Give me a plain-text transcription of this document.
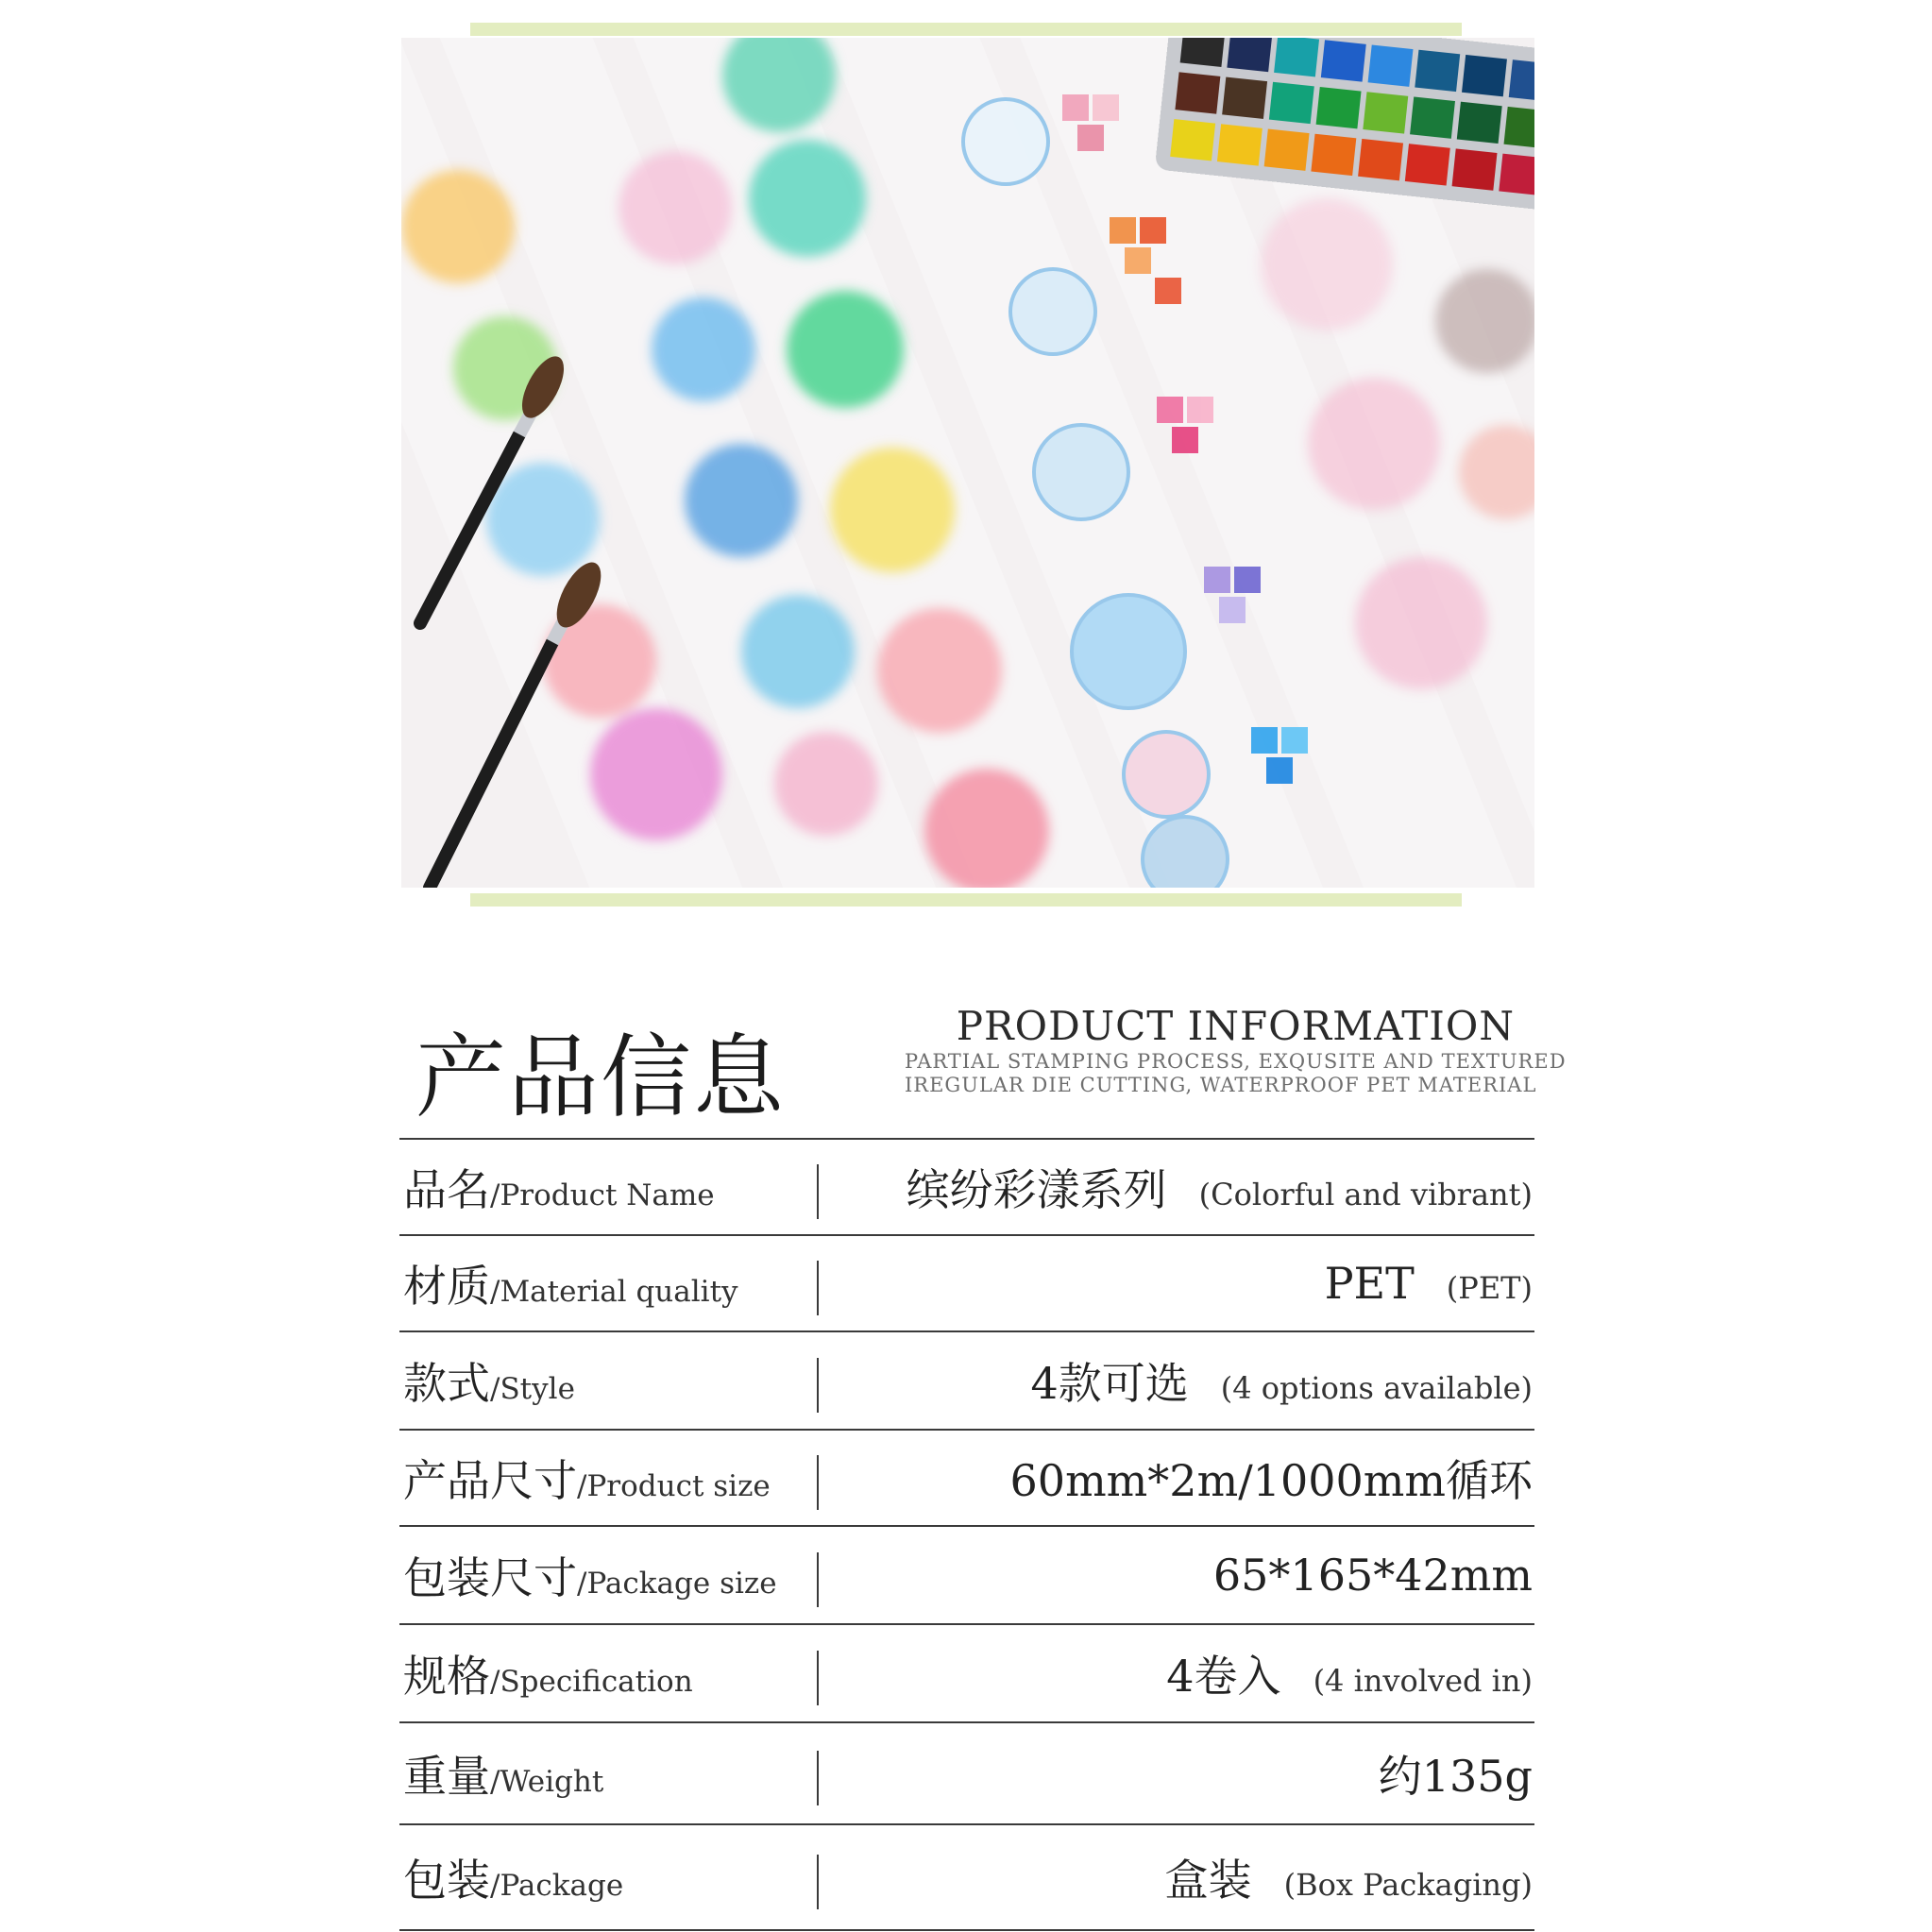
产品信息	PRODUCT INFORMATION
PARTIAL STAMPING PROCESS, EXQUSITE AND TEXTURED
IREGULAR DIE CUTTING, WATERPROOF PET MATERIAL
品名/Product Name	缤纷彩漾系列 (Colorful and vibrant)
材质/Material quality	PET (PET)
款式/Style	4款可选 (4 options available)
产品尺寸/Product size	60mm*2m/1000mm循环
包装尺寸/Package size	65*165*42mm
规格/Specification	4卷入 (4 involved in)
重量/Weight	约135g
包装/Package	盒装 (Box Packaging)
